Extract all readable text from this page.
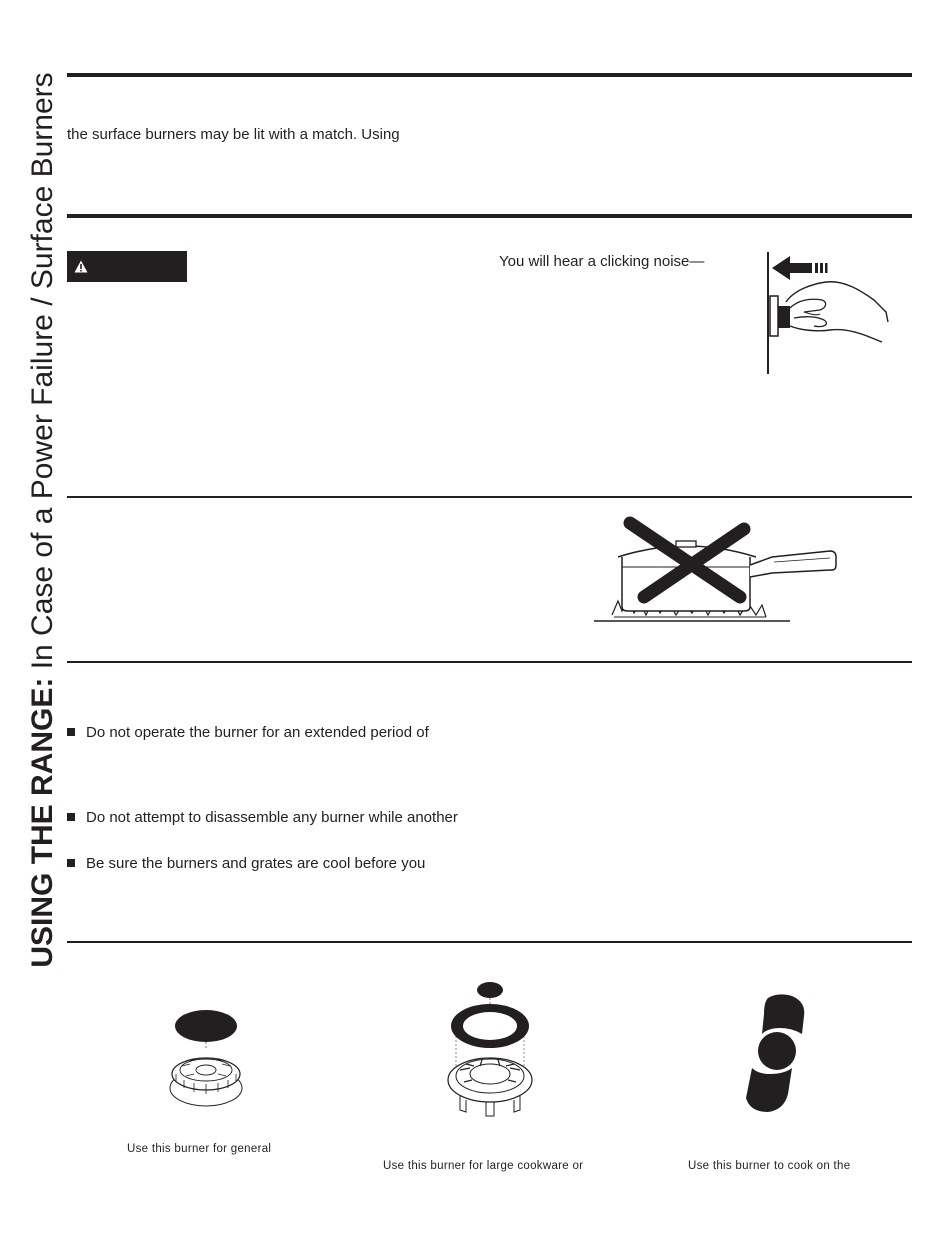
USING THE RANGE: In Case of a Power Failure / Surface Burners the surface burners may be lit with a match. Using
You will hear a clicking noise—
Do not operate the burner for an extended period of
Do not attempt to disassemble any burner while another
Be sure the burners and grates are cool before you
Use this burner for general
Use this burner for large cookware or	Use this burner to cook on the
